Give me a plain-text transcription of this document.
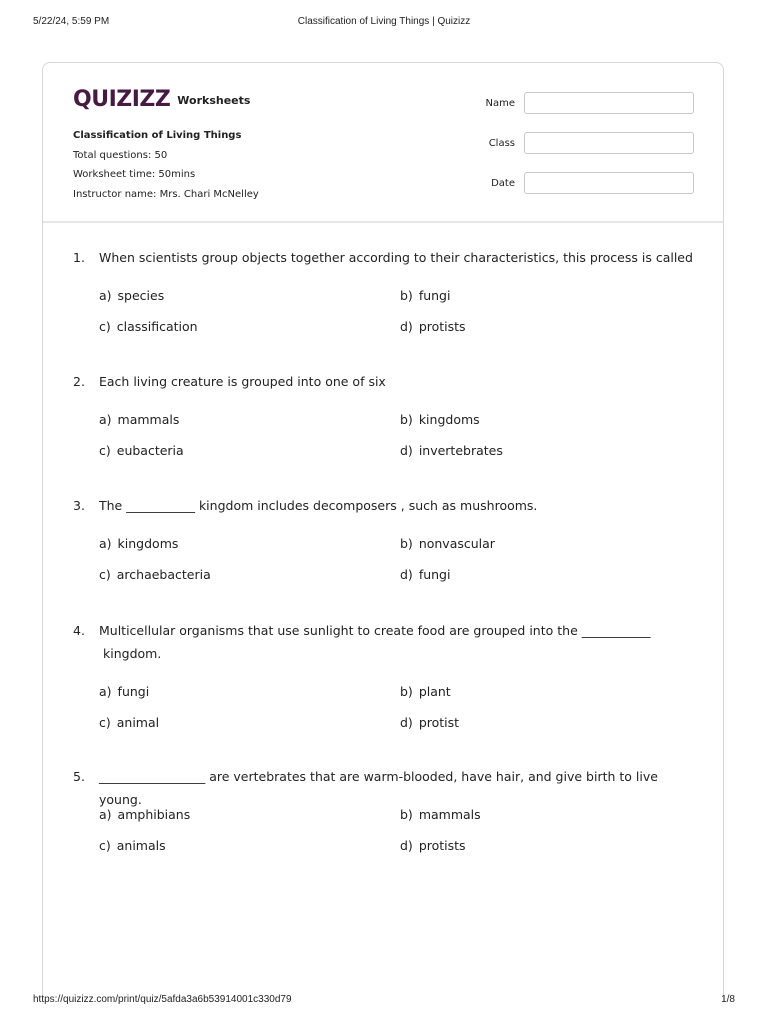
5/22/24, 5:59 PM	Classification of Living Things | Quizizz
QUIZIZZ Worksheets
Classification of Living Things
Total questions: 50
Worksheet time: 50mins
Instructor name: Mrs. Chari McNelley
Name
Class
Date
1. When scientists group objects together according to their characteristics, this process is called
a) species	b) fungi
c) classification	d) protists
2. Each living creature is grouped into one of six
a) mammals	b) kingdoms
c) eubacteria	d) invertebrates
3. The ___________ kingdom includes decomposers , such as mushrooms.
a) kingdoms	b) nonvascular
c) archaebacteria	d) fungi
4. Multicellular organisms that use sunlight to create food are grouped into the ___________
kingdom.
a) fungi	b) plant
c) animal	d) protist
5. _________________ are vertebrates that are warm-blooded, have hair, and give birth to live young.
a) amphibians	b) mammals
c) animals	d) protists
https://quizizz.com/print/quiz/5afda3a6b53914001c330d79	1/8
